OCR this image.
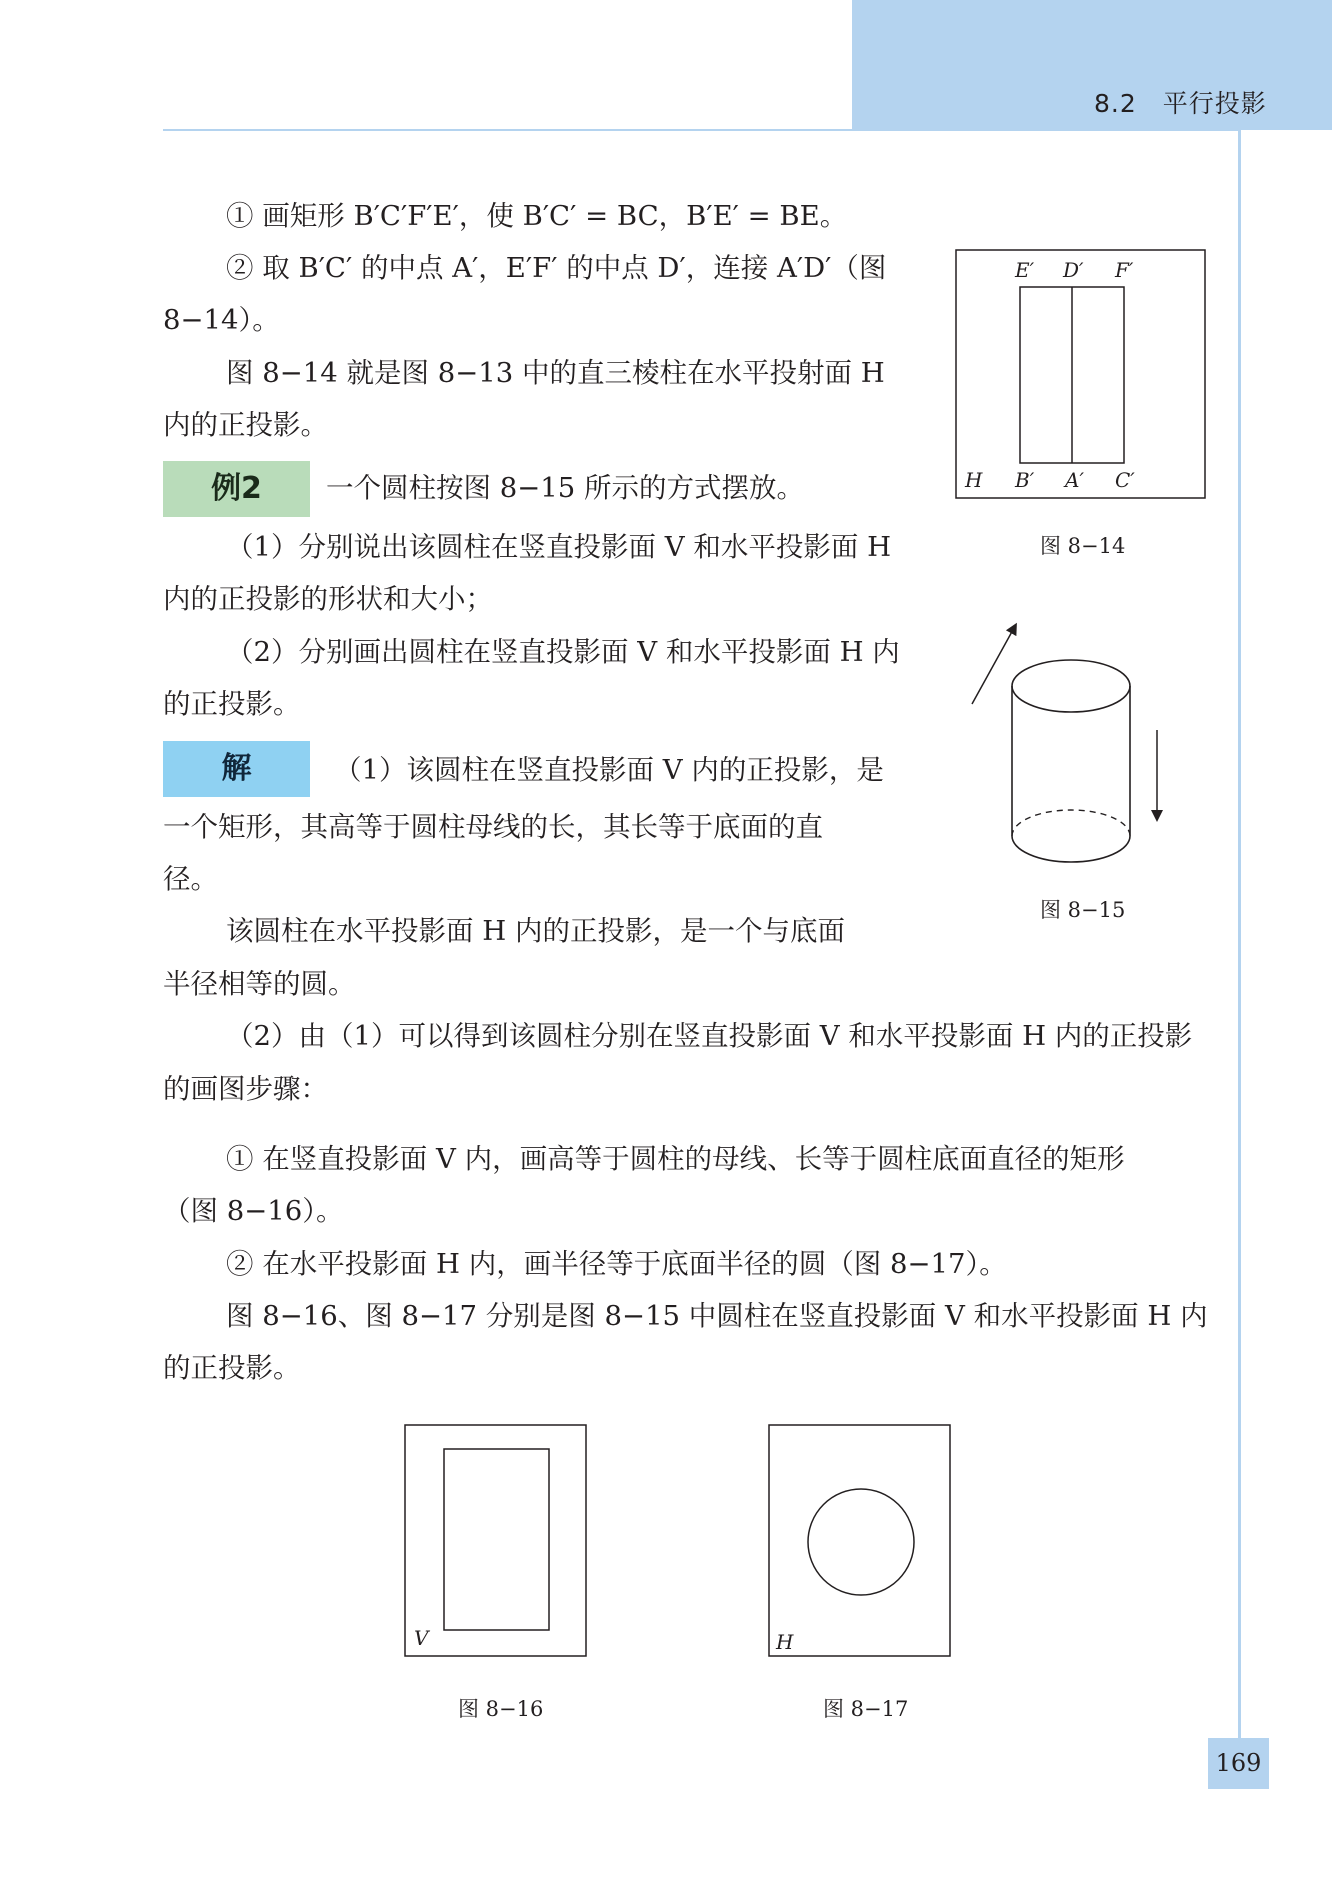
8.2　平行投影
① 画矩形 B′C′F′E′，使 B′C′ = BC，B′E′ = BE。
② 取 B′C′ 的中点 A′，E′F′ 的中点 D′，连接 A′D′（图
8−14）。
图 8−14 就是图 8−13 中的直三棱柱在水平投射面 H
内的正投影。
例2	一个圆柱按图 8−15 所示的方式摆放。
（1）分别说出该圆柱在竖直投影面 V 和水平投影面 H
内的正投影的形状和大小；
（2）分别画出圆柱在竖直投影面 V 和水平投影面 H 内
的正投影。
解	（1）该圆柱在竖直投影面 V 内的正投影，是
一个矩形，其高等于圆柱母线的长，其长等于底面的直
径。
该圆柱在水平投影面 H 内的正投影，是一个与底面
半径相等的圆。
（2）由（1）可以得到该圆柱分别在竖直投影面 V 和水平投影面 H 内的正投影
的画图步骤：
① 在竖直投影面 V 内，画高等于圆柱的母线、长等于圆柱底面直径的矩形
（图 8−16）。
② 在水平投影面 H 内，画半径等于底面半径的圆（图 8−17）。
图 8−16、图 8−17 分别是图 8−15 中圆柱在竖直投影面 V 和水平投影面 H 内
的正投影。
E′ D′ F′
H B′ A′ C′
图 8−14
图 8−15
V
图 8−16
H
图 8−17
169
